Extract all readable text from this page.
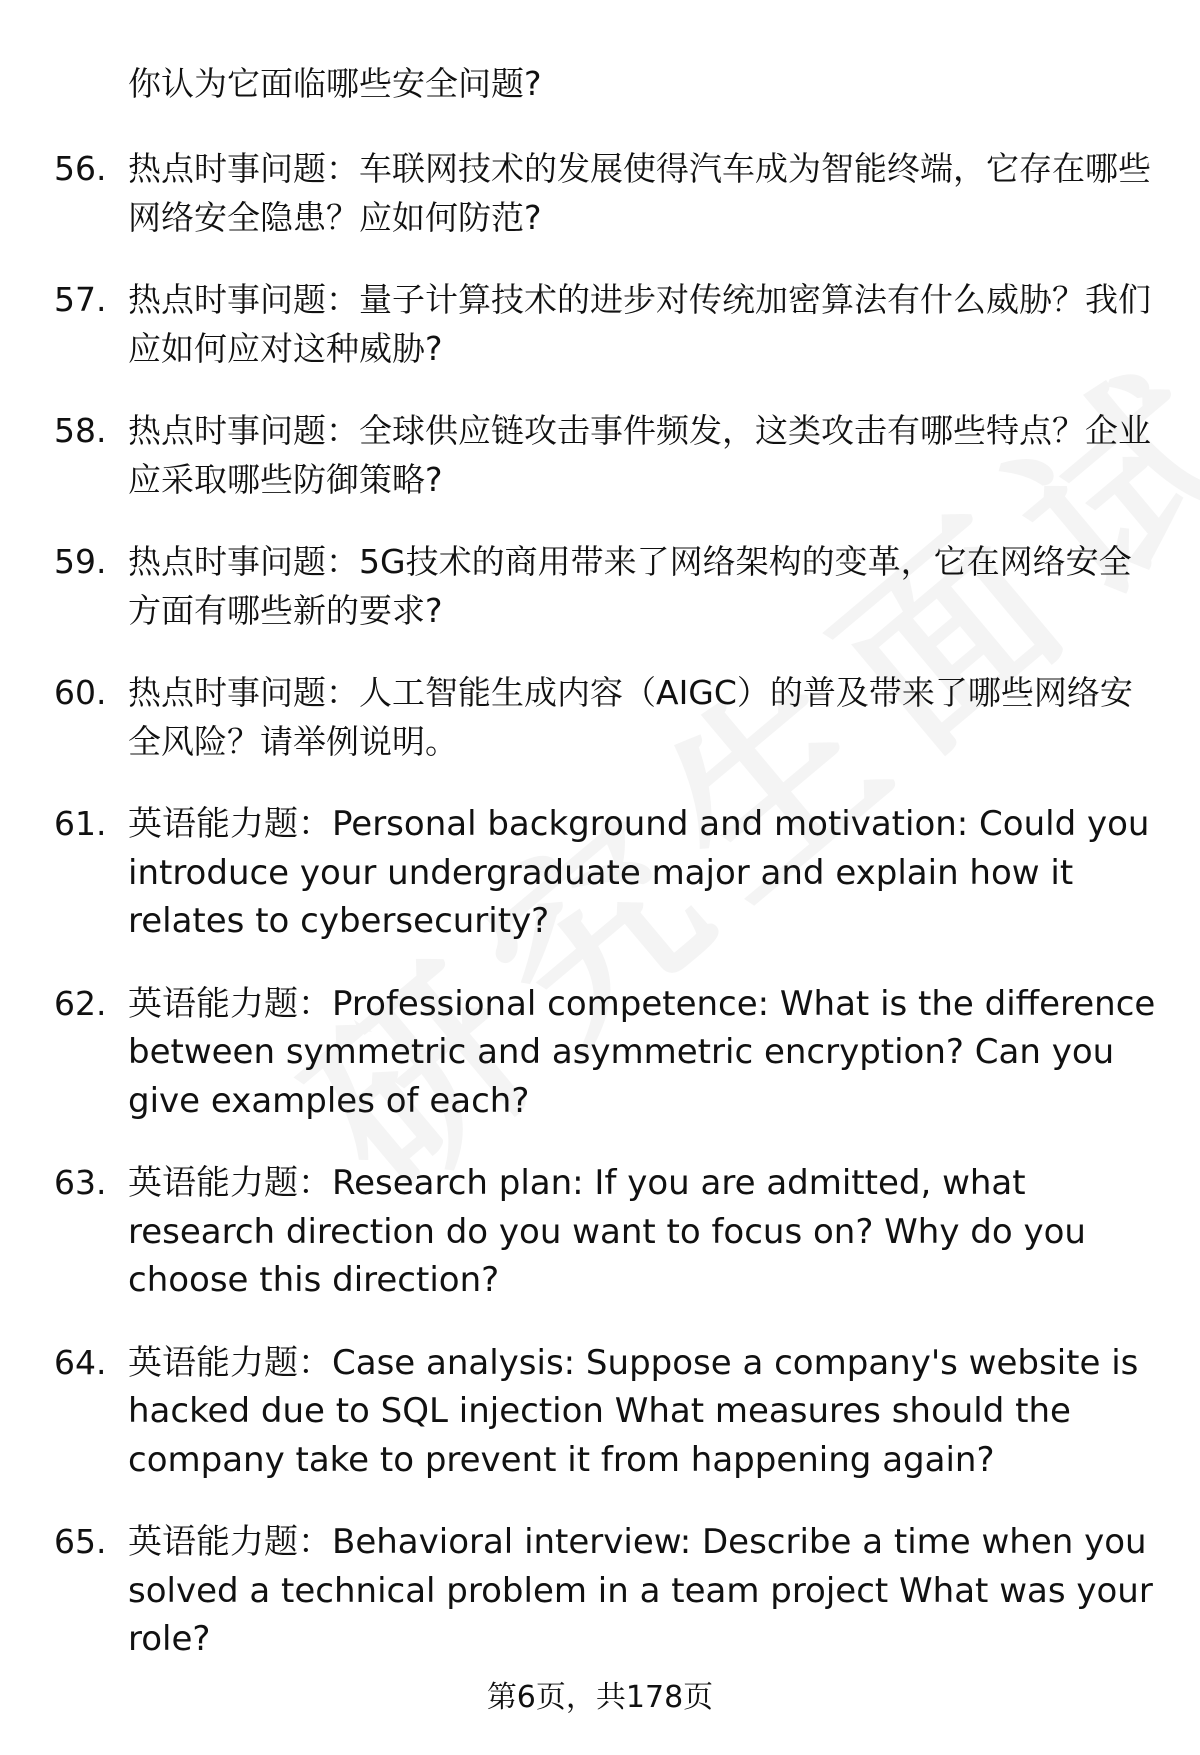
你认为它面临哪些安全问题?
56. 热点时事问题：车联网技术的发展使得汽车成为智能终端，它存在哪些网络安全隐患？应如何防范?
57. 热点时事问题：量子计算技术的进步对传统加密算法有什么威胁？我们应如何应对这种威胁?
58. 热点时事问题：全球供应链攻击事件频发，这类攻击有哪些特点？企业应采取哪些防御策略?
59. 热点时事问题：5G技术的商用带来了网络架构的变革，它在网络安全方面有哪些新的要求?
60. 热点时事问题：人工智能生成内容（AIGC）的普及带来了哪些网络安全风险？请举例说明。
61. 英语能力题：Personal background and motivation: Could you introduce your undergraduate major and explain how it relates to cybersecurity?
62. 英语能力题：Professional competence: What is the difference between symmetric and asymmetric encryption? Can you give examples of each?
63. 英语能力题：Research plan: If you are admitted, what research direction do you want to focus on? Why do you choose this direction?
64. 英语能力题：Case analysis: Suppose a company's website is hacked due to SQL injection What measures should the company take to prevent it from happening again?
65. 英语能力题：Behavioral interview: Describe a time when you solved a technical problem in a team project What was your role?
第6页，共178页
